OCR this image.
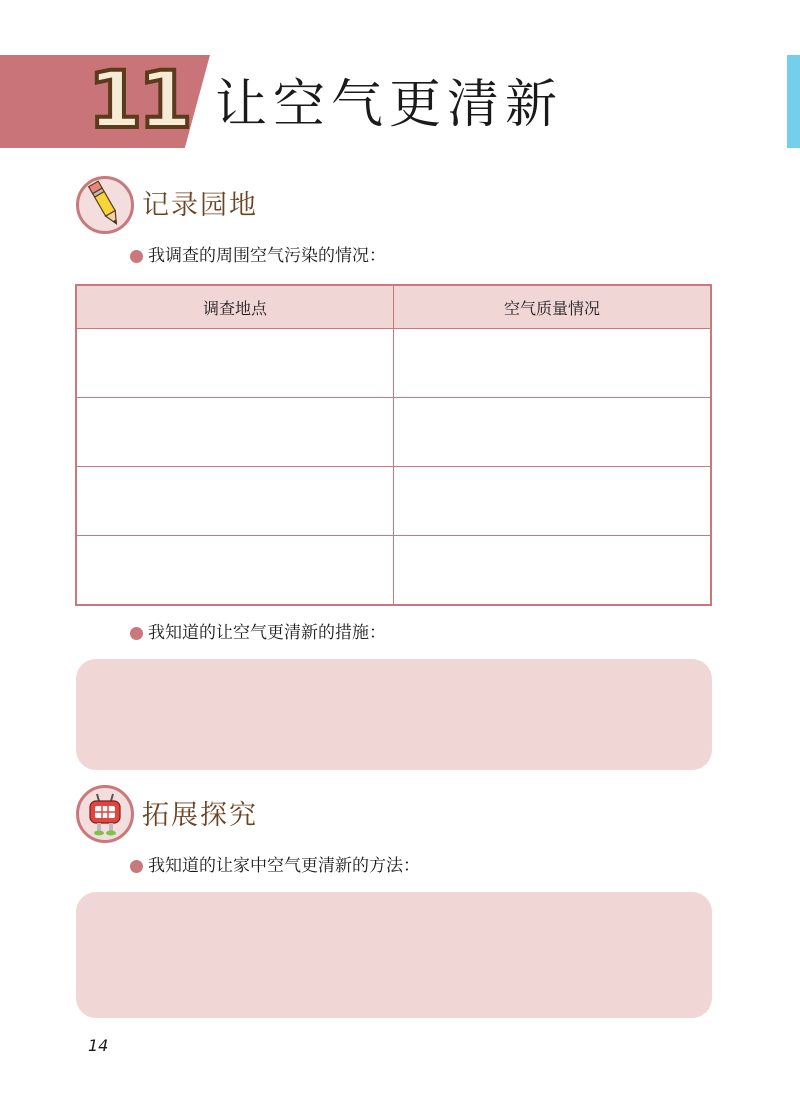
11 让空气更清新
记录园地
我调查的周围空气污染的情况：
调查地点	空气质量情况

我知道的让空气更清新的措施：
拓展探究
我知道的让家中空气更清新的方法：
14
